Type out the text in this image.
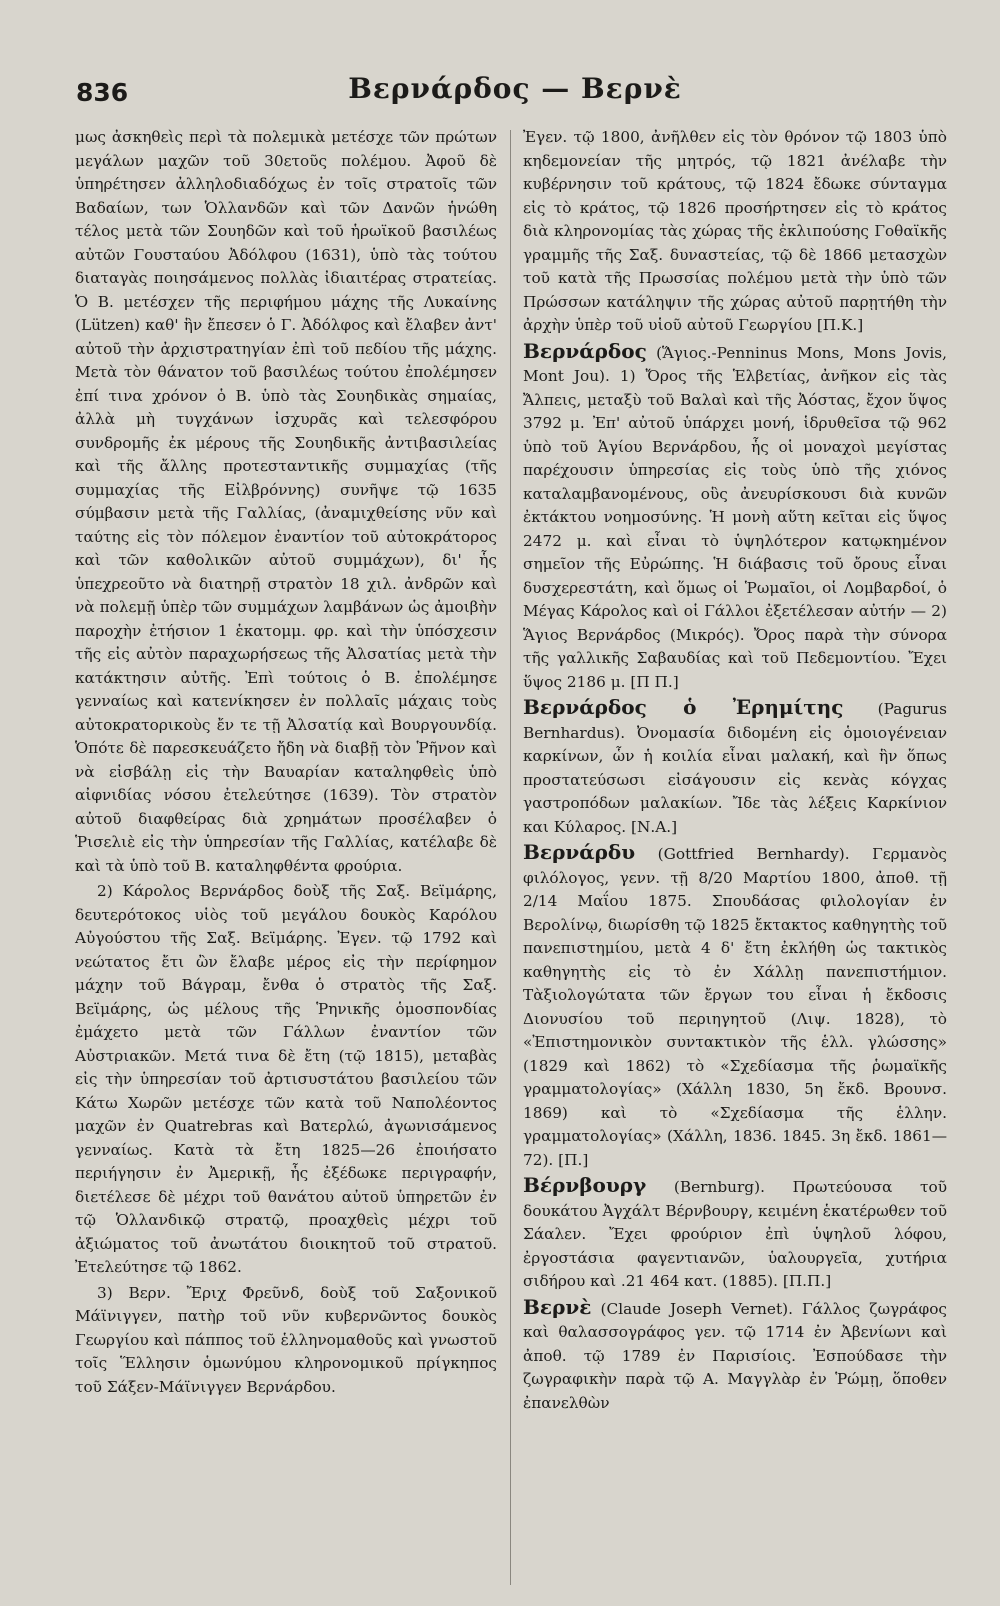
836	Βερνάρδος — Βερνὲ

μως ἀσκηθεὶς περὶ τὰ πολεμικὰ μετέσχε τῶν πρώτων μεγάλων μαχῶν τοῦ 30ετοῦς πολέμου. Ἀφοῦ δὲ ὑπηρέτησεν ἀλληλοδιαδόχως ἐν τοῖς στρατοῖς τῶν Βαδαίων, των Ὁλλανδῶν καὶ τῶν Δανῶν ἡνώθη τέλος μετὰ τῶν Σουηδῶν καὶ τοῦ ἡρωϊκοῦ βασιλέως αὐτῶν Γουσταύου Ἀδόλφου (1631), ὑπὸ τὰς τούτου διαταγὰς ποιησάμενος πολλὰς ἰδιαιτέρας στρατείας. Ὁ Β. μετέσχεν τῆς περιφήμου μάχης τῆς Λυκαίνης (Lützen) καθ' ἣν ἔπεσεν ὁ Γ. Ἀδόλφος καὶ ἔλαβεν ἀντ' αὐτοῦ τὴν ἀρχιστρατηγίαν ἐπὶ τοῦ πεδίου τῆς μάχης. Μετὰ τὸν θάνατον τοῦ βασιλέως τούτου ἐπολέμησεν ἐπί τινα χρόνον ὁ Β. ὑπὸ τὰς Σουηδικὰς σημαίας, ἀλλὰ μὴ τυγχάνων ἰσχυρᾶς καὶ τελεσφόρου συνδρομῆς ἐκ μέρους τῆς Σουηδικῆς ἀντιβασιλείας καὶ τῆς ἄλλης προτεσταντικῆς συμμαχίας (τῆς συμμαχίας τῆς Εἰλβρόννης) συνῆψε τῷ 1635 σύμβασιν μετὰ τῆς Γαλλίας, (ἀναμιχθείσης νῦν καὶ ταύτης εἰς τὸν πόλεμον ἐναντίον τοῦ αὐτοκράτορος καὶ τῶν καθολικῶν αὐτοῦ συμμάχων), δι' ἧς ὑπεχρεοῦτο νὰ διατηρῇ στρατὸν 18 χιλ. ἀνδρῶν καὶ νὰ πολεμῇ ὑπὲρ τῶν συμμάχων λαμβάνων ὡς ἀμοιβὴν παροχὴν ἐτήσιον 1 ἑκατομμ. φρ. καὶ τὴν ὑπόσχεσιν τῆς εἰς αὐτὸν παραχωρήσεως τῆς Ἀλσατίας μετὰ τὴν κατάκτησιν αὐτῆς. Ἐπὶ τούτοις ὁ Β. ἐπολέμησε γενναίως καὶ κατενίκησεν ἐν πολλαῖς μάχαις τοὺς αὐτοκρατορικοὺς ἔν τε τῇ Ἀλσατίᾳ καὶ Βουργουνδίᾳ. Ὁπότε δὲ παρεσκευάζετο ἤδη νὰ διαβῇ τὸν Ῥῆνον καὶ νὰ εἰσβάλῃ εἰς τὴν Βαυαρίαν καταληφθεὶς ὑπὸ αἰφνιδίας νόσου ἐτελεύτησε (1639). Τὸν στρατὸν αὐτοῦ διαφθείρας διὰ χρημάτων προσέλαβεν ὁ Ῥισελιὲ εἰς τὴν ὑπηρεσίαν τῆς Γαλλίας, κατέλαβε δὲ καὶ τὰ ὑπὸ τοῦ Β. καταληφθέντα φρούρια.

2) Κάρολος Βερνάρδος δοὺξ τῆς Σαξ. Βεϊμάρης, δευτερότοκος υἱὸς τοῦ μεγάλου δουκὸς Καρόλου Αὐγούστου τῆς Σαξ. Βεϊμάρης. Ἐγεν. τῷ 1792 καὶ νεώτατος ἔτι ὢν ἔλαβε μέρος εἰς τὴν περίφημον μάχην τοῦ Βάγραμ, ἔνθα ὁ στρατὸς τῆς Σαξ. Βεϊμάρης, ὡς μέλους τῆς Ῥηνικῆς ὁμοσπονδίας ἐμάχετο μετὰ τῶν Γάλλων ἐναντίον τῶν Αὐστριακῶν. Μετά τινα δὲ ἔτη (τῷ 1815), μεταβὰς εἰς τὴν ὑπηρεσίαν τοῦ ἀρτισυστάτου βασιλείου τῶν Κάτω Χωρῶν μετέσχε τῶν κατὰ τοῦ Ναπολέοντος μαχῶν ἐν Quatrebras καὶ Βατερλώ, ἀγωνισάμενος γενναίως. Κατὰ τὰ ἔτη 1825—26 ἐποιήσατο περιήγησιν ἐν Ἀμερικῇ, ἧς ἐξέδωκε περιγραφήν, διετέλεσε δὲ μέχρι τοῦ θανάτου αὐτοῦ ὑπηρετῶν ἐν τῷ Ὁλλανδικῷ στρατῷ, προαχθεὶς μέχρι τοῦ ἀξιώματος τοῦ ἀνωτάτου διοικητοῦ τοῦ στρατοῦ. Ἐτελεύτησε τῷ 1862.

3) Βερν. Ἔριχ Φρεῦνδ, δοὺξ τοῦ Σαξονικοῦ Μάϊνιγγεν, πατὴρ τοῦ νῦν κυβερνῶντος δουκὸς Γεωργίου καὶ πάππος τοῦ ἑλληνομαθοῦς καὶ γνωστοῦ τοῖς Ἕλλησιν ὁμωνύμου κληρονομικοῦ πρίγκηπος τοῦ Σάξεν-Μάϊνιγγεν Βερνάρδου.

Ἐγεν. τῷ 1800, ἀνῆλθεν εἰς τὸν θρόνον τῷ 1803 ὑπὸ κηδεμονείαν τῆς μητρός, τῷ 1821 ἀνέλαβε τὴν κυβέρνησιν τοῦ κράτους, τῷ 1824 ἔδωκε σύνταγμα εἰς τὸ κράτος, τῷ 1826 προσήρτησεν εἰς τὸ κράτος διὰ κληρονομίας τὰς χώρας τῆς ἐκλιπούσης Γοθαϊκῆς γραμμῆς τῆς Σαξ. δυναστείας, τῷ δὲ 1866 μετασχὼν τοῦ κατὰ τῆς Πρωσσίας πολέμου μετὰ τὴν ὑπὸ τῶν Πρώσσων κατάληψιν τῆς χώρας αὐτοῦ παρῃτήθη τὴν ἀρχὴν ὑπὲρ τοῦ υἱοῦ αὐτοῦ Γεωργίου [Π.Κ.]

Βερνάρδος (Ἅγιος.-Penninus Mons, Mons Jovis, Mont Jou). 1) Ὄρος τῆς Ἑλβετίας, ἀνῆκον εἰς τὰς Ἄλπεις, μεταξὺ τοῦ Βαλαὶ καὶ τῆς Ἀόστας, ἔχον ὕψος 3792 μ. Ἐπ' αὐτοῦ ὑπάρχει μονή, ἱδρυθεῖσα τῷ 962 ὑπὸ τοῦ Ἁγίου Βερνάρδου, ἧς οἱ μοναχοὶ μεγίστας παρέχουσιν ὑπηρεσίας εἰς τοὺς ὑπὸ τῆς χιόνος καταλαμβανομένους, οὓς ἀνευρίσκουσι διὰ κυνῶν ἐκτάκτου νοημοσύνης. Ἡ μονὴ αὕτη κεῖται εἰς ὕψος 2472 μ. καὶ εἶναι τὸ ὑψηλότερον κατῳκημένον σημεῖον τῆς Εὐρώπης. Ἡ διάβασις τοῦ ὄρους εἶναι δυσχερεστάτη, καὶ ὅμως οἱ Ῥωμαῖοι, οἱ Λομβαρδοί, ὁ Μέγας Κάρολος καὶ οἱ Γάλλοι ἐξετέλεσαν αὐτήν — 2) Ἅγιος Βερνάρδος (Μικρός). Ὄρος παρὰ τὴν σύνορα τῆς γαλλικῆς Σαβαυδίας καὶ τοῦ Πεδεμοντίου. Ἔχει ὕψος 2186 μ. [Π Π.]

Βερνάρδος ὁ Ἐρημίτης (Pagurus Bernhardus). Ὀνομασία διδομένη εἰς ὁμοιογένειαν καρκίνων, ὧν ἡ κοιλία εἶναι μαλακή, καὶ ἣν ὅπως προστατεύσωσι εἰσάγουσιν εἰς κενὰς κόγχας γαστροπόδων μαλακίων. Ἴδε τὰς λέξεις Καρκίνιον και Κύλαρος. [Ν.Α.]

Βερνάρδυ (Gottfried Bernhardy). Γερμανὸς φιλόλογος, γενν. τῇ 8/20 Μαρτίου 1800, ἀποθ. τῇ 2/14 Μαΐου 1875. Σπουδάσας φιλολογίαν ἐν Βερολίνῳ, διωρίσθη τῷ 1825 ἔκτακτος καθηγητὴς τοῦ πανεπιστημίου, μετὰ 4 δ' ἔτη ἐκλήθη ὡς τακτικὸς καθηγητὴς εἰς τὸ ἐν Χάλλῃ πανεπιστήμιον. Τὰξιολογώτατα τῶν ἔργων του εἶναι ἡ ἔκδοσις Διονυσίου τοῦ περιηγητοῦ (Λιψ. 1828), τὸ «Ἐπιστημονικὸν συντακτικὸν τῆς ἑλλ. γλώσσης» (1829 καὶ 1862) τὸ «Σχεδίασμα τῆς ῥωμαϊκῆς γραμματολογίας» (Χάλλη 1830, 5η ἔκδ. Βρουνσ. 1869) καὶ τὸ «Σχεδίασμα τῆς ἑλλην. γραμματολογίας» (Χάλλη, 1836. 1845. 3η ἔκδ. 1861—72). [Π.]

Βέρνβουργ (Bernburg). Πρωτεύουσα τοῦ δουκάτου Ἀγχάλτ Βέρνβουργ, κειμένη ἑκατέρωθεν τοῦ Σάαλεν. Ἔχει φρούριον ἐπὶ ὑψηλοῦ λόφου, ἐργοστάσια φαγεντιανῶν, ὑαλουργεῖα, χυτήρια σιδήρου καὶ .21 464 κατ. (1885). [Π.Π.]

Βερνὲ (Claude Joseph Vernet). Γάλλος ζωγράφος καὶ θαλασσογράφος γεν. τῷ 1714 ἐν Ἀβενίωνι καὶ ἀποθ. τῷ 1789 ἐν Παρισίοις. Ἐσπούδασε τὴν ζωγραφικὴν παρὰ τῷ Α. Μαγγλὰρ ἐν Ῥώμῃ, ὅποθεν ἐπανελθὼν
